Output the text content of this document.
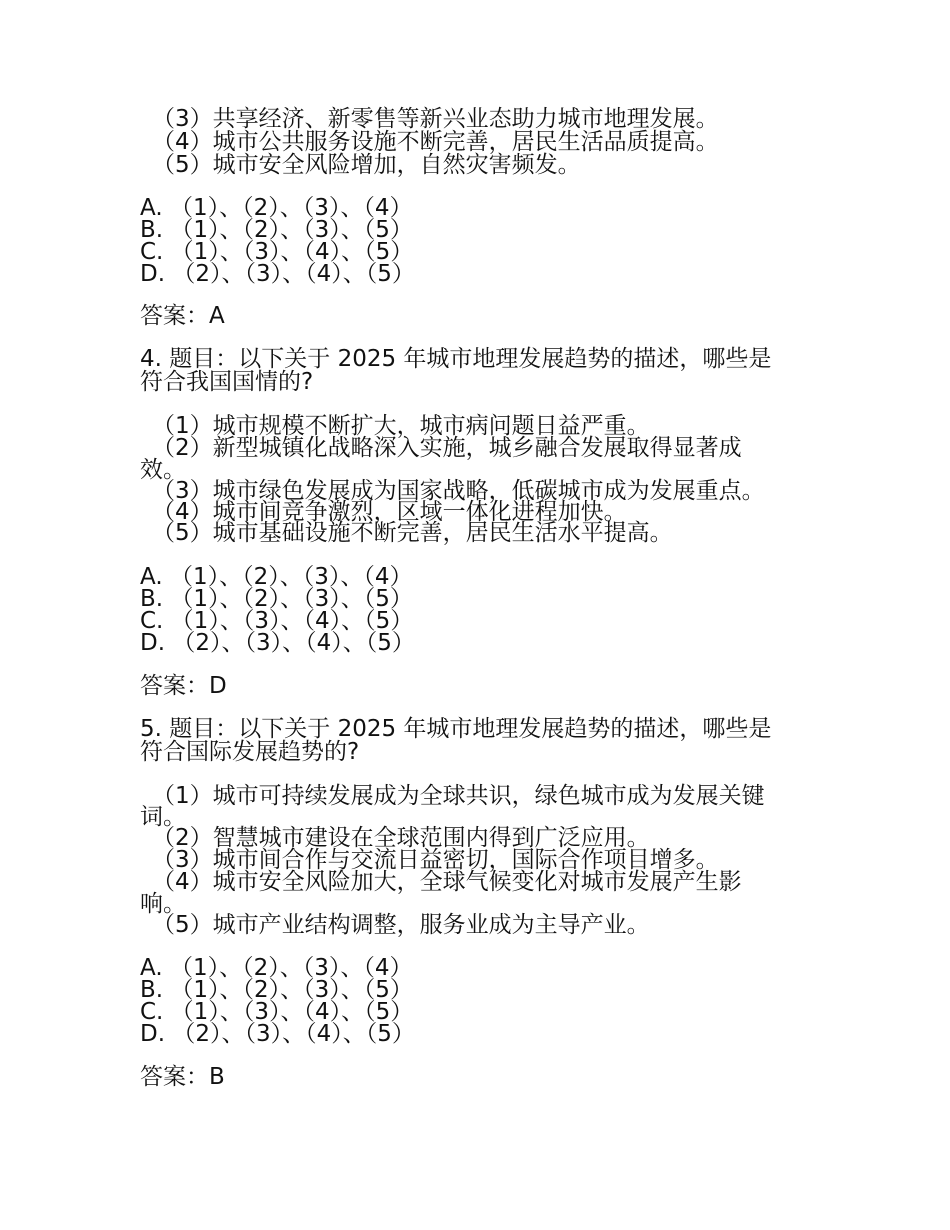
（3）共享经济、新零售等新兴业态助力城市地理发展。
（4）城市公共服务设施不断完善，居民生活品质提高。
（5）城市安全风险增加，自然灾害频发。
A. （1）、（2）、（3）、（4）
B. （1）、（2）、（3）、（5）
C. （1）、（3）、（4）、（5）
D. （2）、（3）、（4）、（5）
答案：A
4. 题目：以下关于 2025 年城市地理发展趋势的描述，哪些是
符合我国国情的?
（1）城市规模不断扩大，城市病问题日益严重。
（2）新型城镇化战略深入实施，城乡融合发展取得显著成
效。
（3）城市绿色发展成为国家战略，低碳城市成为发展重点。
（4）城市间竞争激烈，区域一体化进程加快。
（5）城市基础设施不断完善，居民生活水平提高。
A. （1）、（2）、（3）、（4）
B. （1）、（2）、（3）、（5）
C. （1）、（3）、（4）、（5）
D. （2）、（3）、（4）、（5）
答案：D
5. 题目：以下关于 2025 年城市地理发展趋势的描述，哪些是
符合国际发展趋势的?
（1）城市可持续发展成为全球共识，绿色城市成为发展关键
词。
（2）智慧城市建设在全球范围内得到广泛应用。
（3）城市间合作与交流日益密切，国际合作项目增多。
（4）城市安全风险加大，全球气候变化对城市发展产生影
响。
（5）城市产业结构调整，服务业成为主导产业。
A. （1）、（2）、（3）、（4）
B. （1）、（2）、（3）、（5）
C. （1）、（3）、（4）、（5）
D. （2）、（3）、（4）、（5）
答案：B
